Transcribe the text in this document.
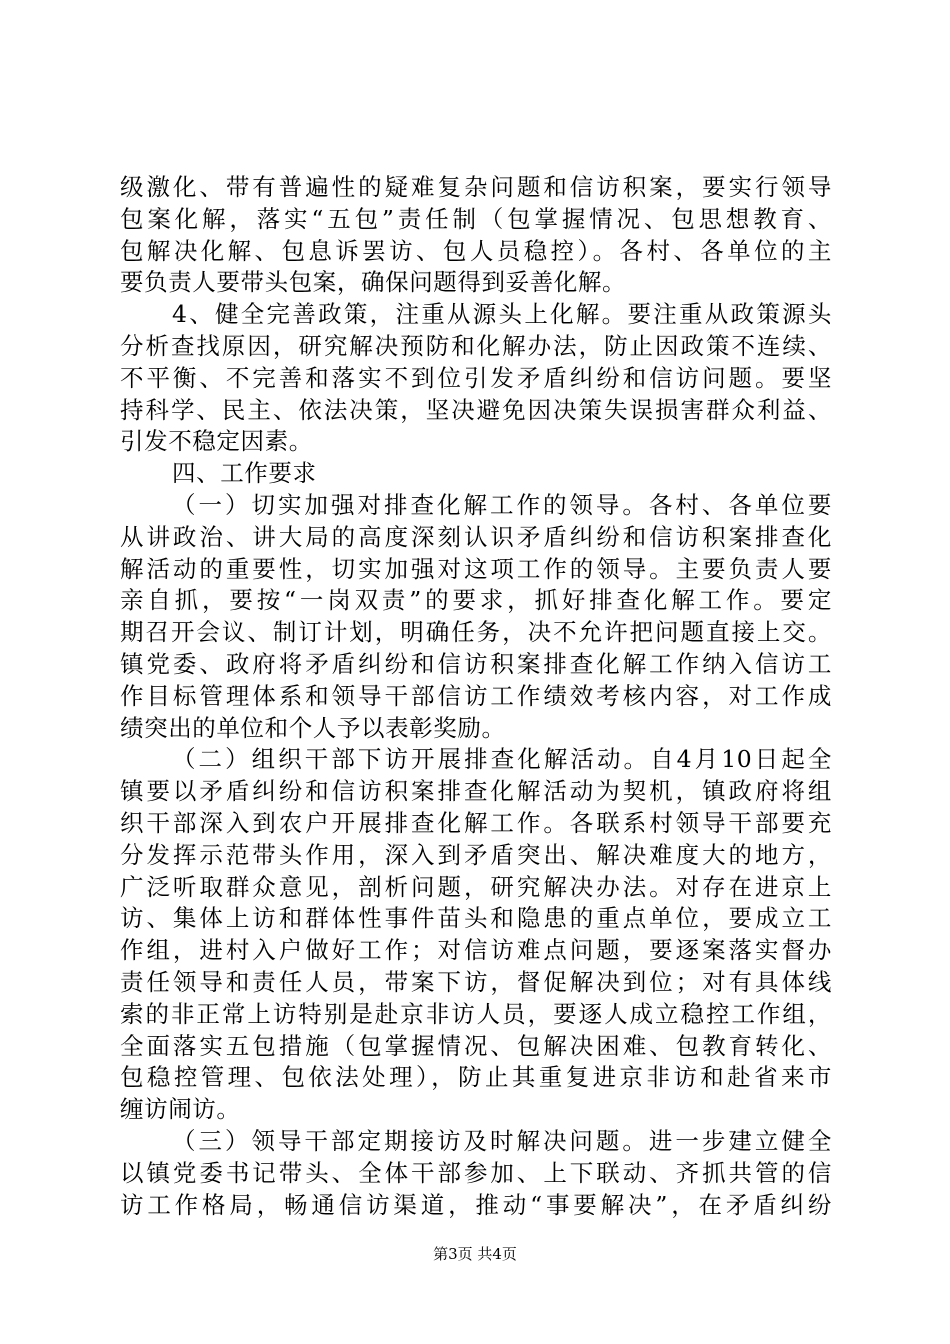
级激化、带有普遍性的疑难复杂问题和信访积案，要实行领导
包案化解，落实“五包”责任制（包掌握情况、包思想教育、
包解决化解、包息诉罢访、包人员稳控）。各村、各单位的主
要负责人要带头包案，确保问题得到妥善化解。
4、健全完善政策，注重从源头上化解。要注重从政策源头
分析查找原因，研究解决预防和化解办法，防止因政策不连续、
不平衡、不完善和落实不到位引发矛盾纠纷和信访问题。要坚
持科学、民主、依法决策，坚决避免因决策失误损害群众利益、
引发不稳定因素。
四、工作要求
（一）切实加强对排查化解工作的领导。各村、各单位要
从讲政治、讲大局的高度深刻认识矛盾纠纷和信访积案排查化
解活动的重要性，切实加强对这项工作的领导。主要负责人要
亲自抓，要按“一岗双责”的要求，抓好排查化解工作。要定
期召开会议、制订计划，明确任务，决不允许把问题直接上交。
镇党委、政府将矛盾纠纷和信访积案排查化解工作纳入信访工
作目标管理体系和领导干部信访工作绩效考核内容，对工作成
绩突出的单位和个人予以表彰奖励。
（二）组织干部下访开展排查化解活动。自4月10日起全
镇要以矛盾纠纷和信访积案排查化解活动为契机，镇政府将组
织干部深入到农户开展排查化解工作。各联系村领导干部要充
分发挥示范带头作用，深入到矛盾突出、解决难度大的地方，
广泛听取群众意见，剖析问题，研究解决办法。对存在进京上
访、集体上访和群体性事件苗头和隐患的重点单位，要成立工
作组，进村入户做好工作；对信访难点问题，要逐案落实督办
责任领导和责任人员，带案下访，督促解决到位；对有具体线
索的非正常上访特别是赴京非访人员，要逐人成立稳控工作组，
全面落实五包措施（包掌握情况、包解决困难、包教育转化、
包稳控管理、包依法处理），防止其重复进京非访和赴省来市
缠访闹访。
（三）领导干部定期接访及时解决问题。进一步建立健全
以镇党委书记带头、全体干部参加、上下联动、齐抓共管的信
访工作格局，畅通信访渠道，推动“事要解决”，在矛盾纠纷
第3页 共4页
